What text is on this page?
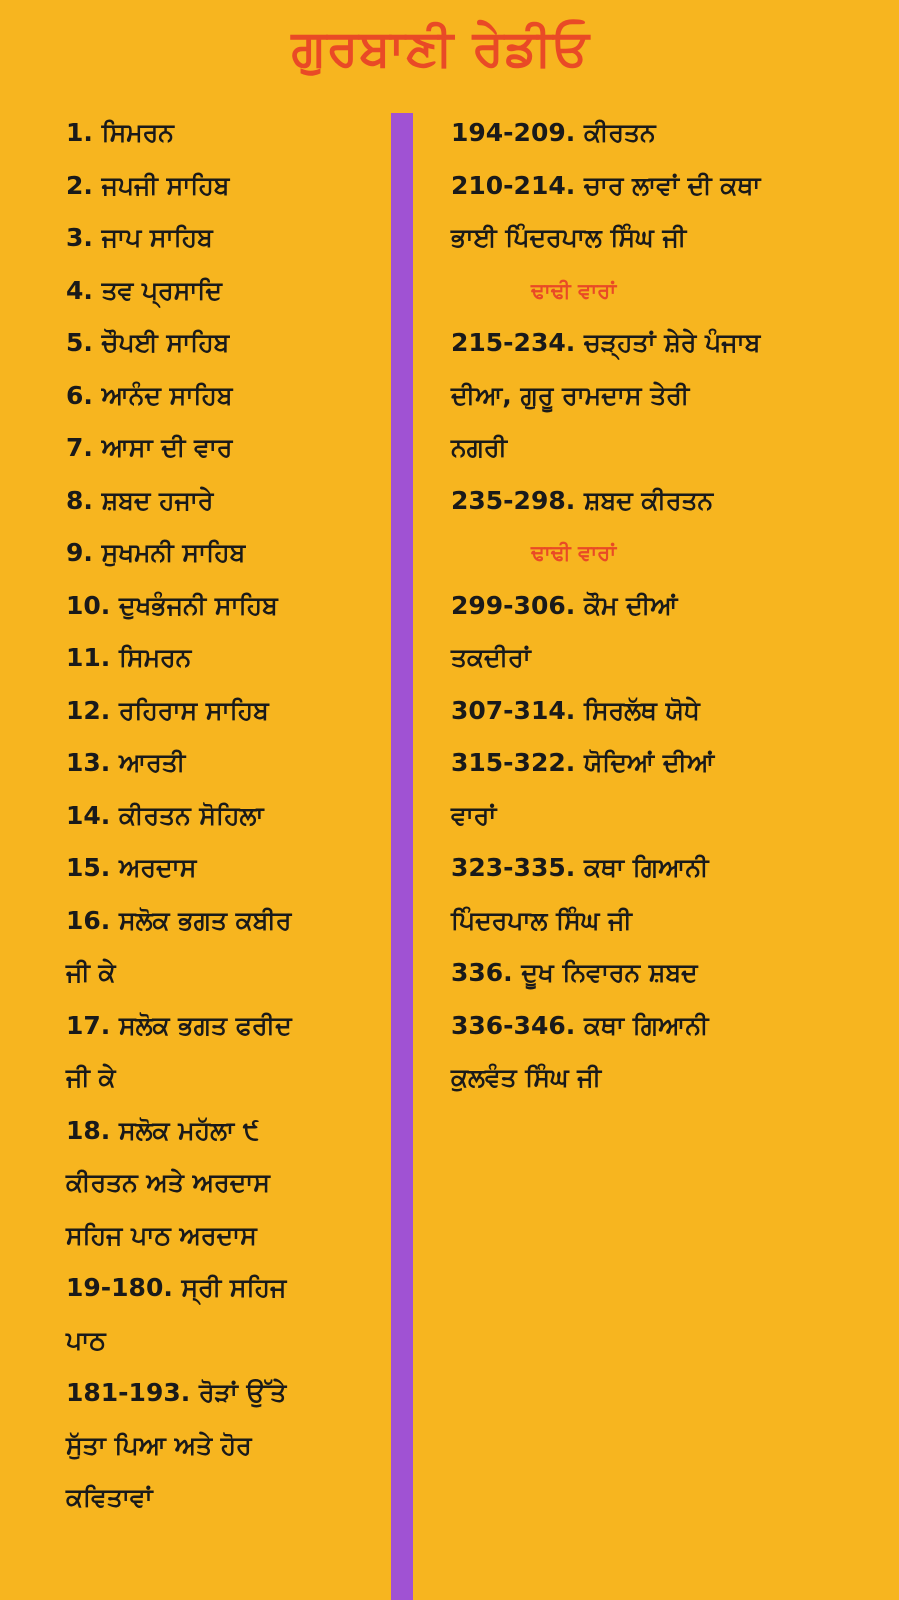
ਗੁਰਬਾਣੀ ਰੇਡੀਓ
1. ਸਿਮਰਨ
2. ਜਪਜੀ ਸਾਹਿਬ
3. ਜਾਪ ਸਾਹਿਬ
4. ਤਵ ਪ੍ਰਸਾਦਿ
5. ਚੌਪਈ ਸਾਹਿਬ
6. ਆਨੰਦ ਸਾਹਿਬ
7. ਆਸਾ ਦੀ ਵਾਰ
8. ਸ਼ਬਦ ਹਜਾਰੇ
9. ਸੁਖਮਨੀ ਸਾਹਿਬ
10. ਦੁਖਭੰਜਨੀ ਸਾਹਿਬ
11. ਸਿਮਰਨ
12. ਰਹਿਰਾਸ ਸਾਹਿਬ
13. ਆਰਤੀ
14. ਕੀਰਤਨ ਸੋਹਿਲਾ
15. ਅਰਦਾਸ
16. ਸਲੋਕ ਭਗਤ ਕਬੀਰ
ਜੀ ਕੇ
17. ਸਲੋਕ ਭਗਤ ਫਰੀਦ
ਜੀ ਕੇ
18. ਸਲੋਕ ਮਹੱਲਾ ੯
ਕੀਰਤਨ ਅਤੇ ਅਰਦਾਸ
ਸਹਿਜ ਪਾਠ ਅਰਦਾਸ
19-180. ਸ੍ਰੀ ਸਹਿਜ
ਪਾਠ
181-193. ਰੋੜਾਂ ਉੱਤੇ
ਸੁੱਤਾ ਪਿਆ ਅਤੇ ਹੋਰ
ਕਵਿਤਾਵਾਂ
194-209. ਕੀਰਤਨ
210-214. ਚਾਰ ਲਾਵਾਂ ਦੀ ਕਥਾ
ਭਾਈ ਪਿੰਦਰਪਾਲ ਸਿੰਘ ਜੀ
ਢਾਢੀ ਵਾਰਾਂ
215-234. ਚੜ੍ਹਤਾਂ ਸ਼ੇਰੇ ਪੰਜਾਬ
ਦੀਆ, ਗੁਰੂ ਰਾਮਦਾਸ ਤੇਰੀ
ਨਗਰੀ
235-298. ਸ਼ਬਦ ਕੀਰਤਨ
ਢਾਢੀ ਵਾਰਾਂ
299-306. ਕੌਮ ਦੀਆਂ
ਤਕਦੀਰਾਂ
307-314. ਸਿਰਲੱਥ ਯੋਧੇ
315-322. ਯੋਦਿਆਂ ਦੀਆਂ
ਵਾਰਾਂ
323-335. ਕਥਾ ਗਿਆਨੀ
ਪਿੰਦਰਪਾਲ ਸਿੰਘ ਜੀ
336. ਦੂਖ ਨਿਵਾਰਨ ਸ਼ਬਦ
336-346. ਕਥਾ ਗਿਆਨੀ
ਕੁਲਵੰਤ ਸਿੰਘ ਜੀ
